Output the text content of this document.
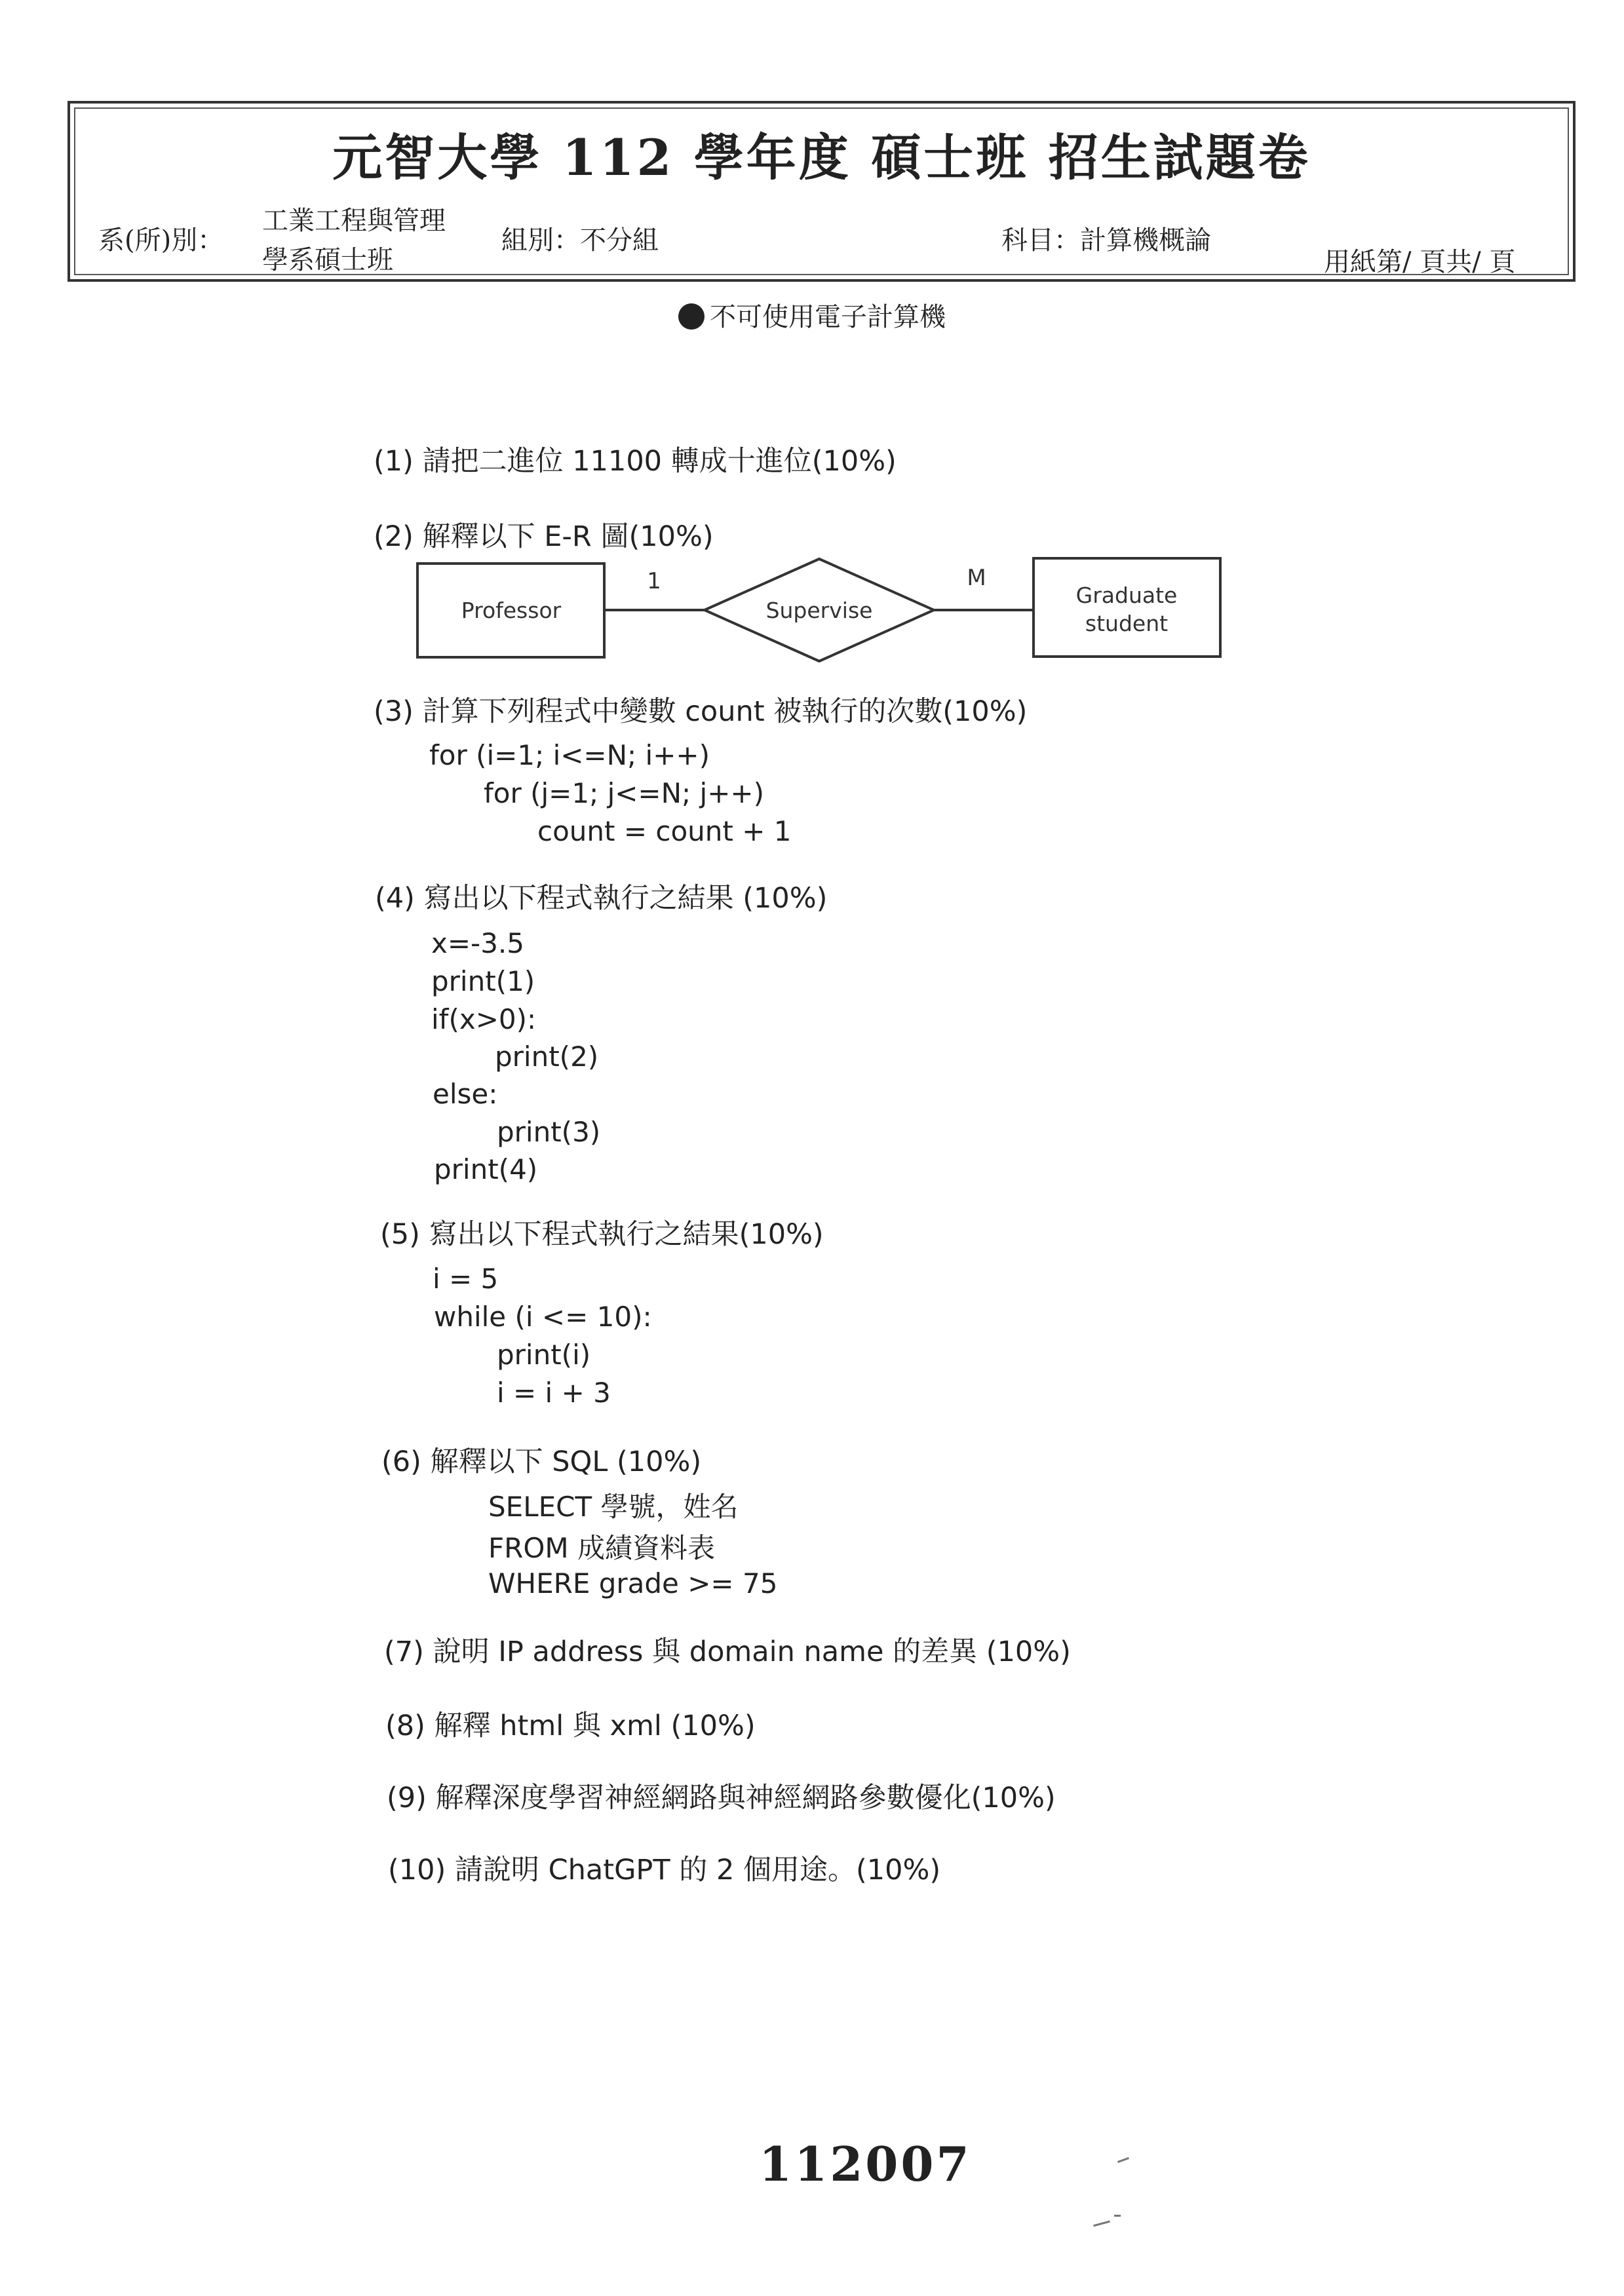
元智大學 112 學年度 碩士班 招生試題卷
系(所)別：
工業工程與管理
學系碩士班
組別：不分組	科目：計算機概論
用紙第/ 頁共/ 頁
不可使用電子計算機
(1) 請把二進位 11100 轉成十進位(10%)
(2) 解釋以下 E-R 圖(10%)
Professor	Supervise
Graduate
student
1	M
(3) 計算下列程式中變數 count 被執行的次數(10%)
for (i=1; i<=N; i++)
for (j=1; j<=N; j++)
count = count + 1
(4) 寫出以下程式執行之結果 (10%)
x=-3.5
print(1)
if(x>0):
print(2)
else:
print(3)
print(4)
(5) 寫出以下程式執行之結果(10%)
i = 5
while (i <= 10):
print(i)
i = i + 3
(6) 解釋以下 SQL (10%)
SELECT 學號，姓名
FROM 成績資料表
WHERE grade >= 75
(7) 說明 IP address 與 domain name 的差異 (10%)
(8) 解釋 html 與 xml (10%)
(9) 解釋深度學習神經網路與神經網路參數優化(10%)
(10) 請說明 ChatGPT 的 2 個用途。(10%)
112007
